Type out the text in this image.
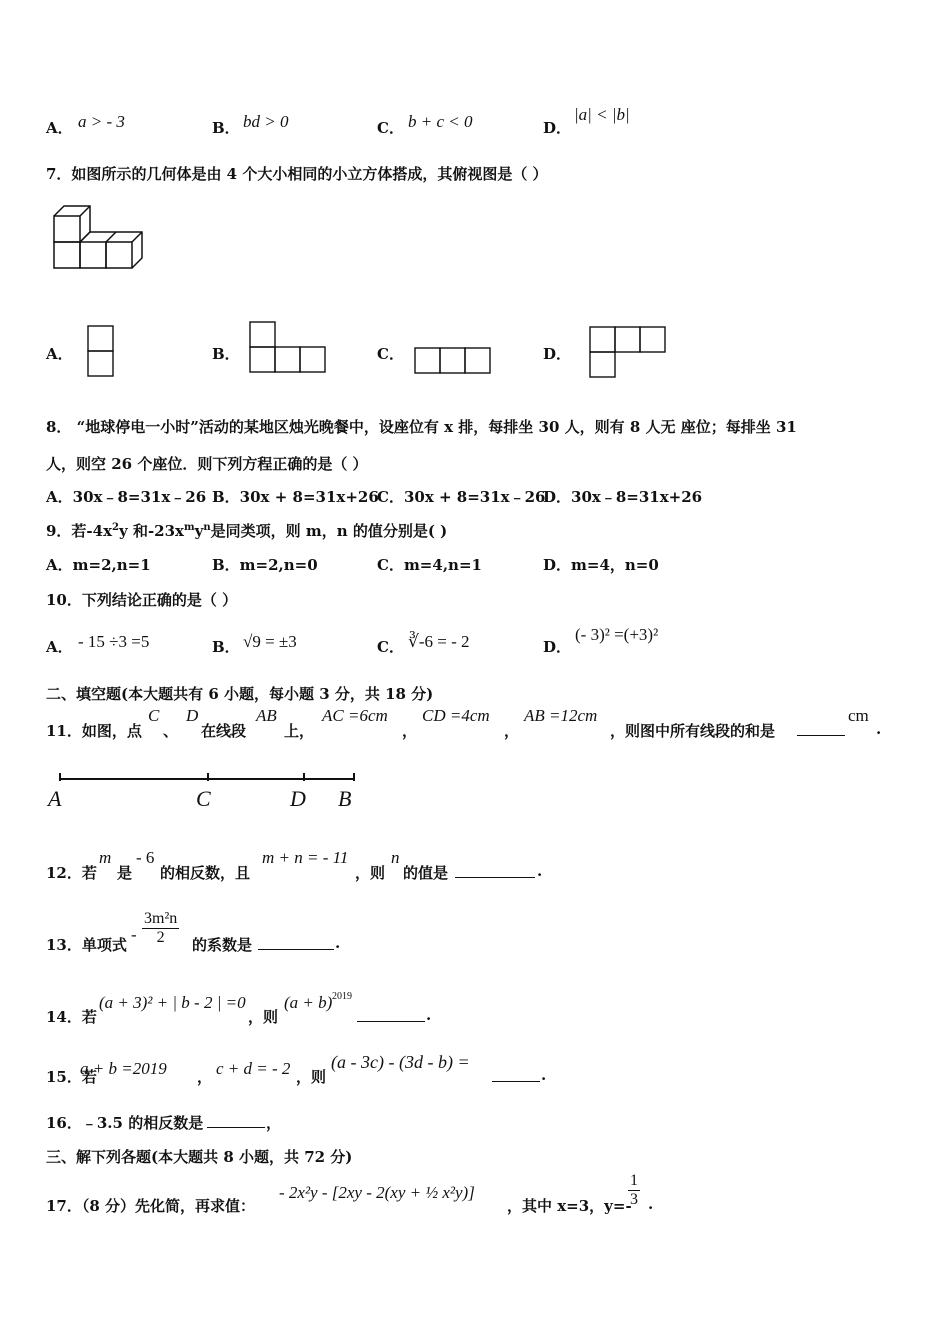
A． a > - 3	B． bd > 0	C． b + c < 0	D．
|a| < |b|
7．如图所示的几何体是由 4 个大小相同的小立方体搭成，其俯视图是（ ）
A．	B．	C．	D．
8． “地球停电一小时”活动的某地区烛光晚餐中，设座位有 x 排，每排坐 30 人，则有 8 人无 座位；每排坐 31
人，则空 26 个座位．则下列方程正确的是（ ）
A．30x﹣8=31x﹣26 B．30x + 8=31x+26
C．30x + 8=31x﹣26
D．30x﹣8=31x+26
9．若$-4x^2y$ 和$-23x^my^n$是同类项，则 m，n 的值分别是( )
A．m=2,n=1	B．m=2,n=0	C．m=4,n=1	D．m=4，n=0
10．下列结论正确的是（ ）
A． - 15 ÷3 =5	B． √9 = ±3	C． ∛-6 = - 2	D．
(- 3)² =(+3)²
二、填空题(本大题共有 6 小题，每小题 3 分，共 18 分)
11．如图，点
C
、
D
在线段
AB
上，
AC =6cm
，
CD =4cm
，
AB =12cm
，则图中所有线段的和是
cm
.
A	C	D B
12．若
m
是
- 6
的相反数，且
m + n = - 11
，则
n
的值是	.
13．单项式
- $\frac{\text{3m²n}}{2}$ 的系数是	.
14．若
(a + 3)² + | b - 2 | =0
，则
(a + b) 2019
.
15．若
a + b =2019 ， c + d = - 2 ，则
(a - 3c) - (3d - b) =
.
16．﹣3.5 的相反数是	，
三、解下列各题(本大题共 8 小题，共 72 分)
17．（8 分）先化简，再求值：
- 2x²y - [2xy - 2(xy + ½ x²y)]
，其中 x=3，y=-
$\frac{1}{3}$ .
